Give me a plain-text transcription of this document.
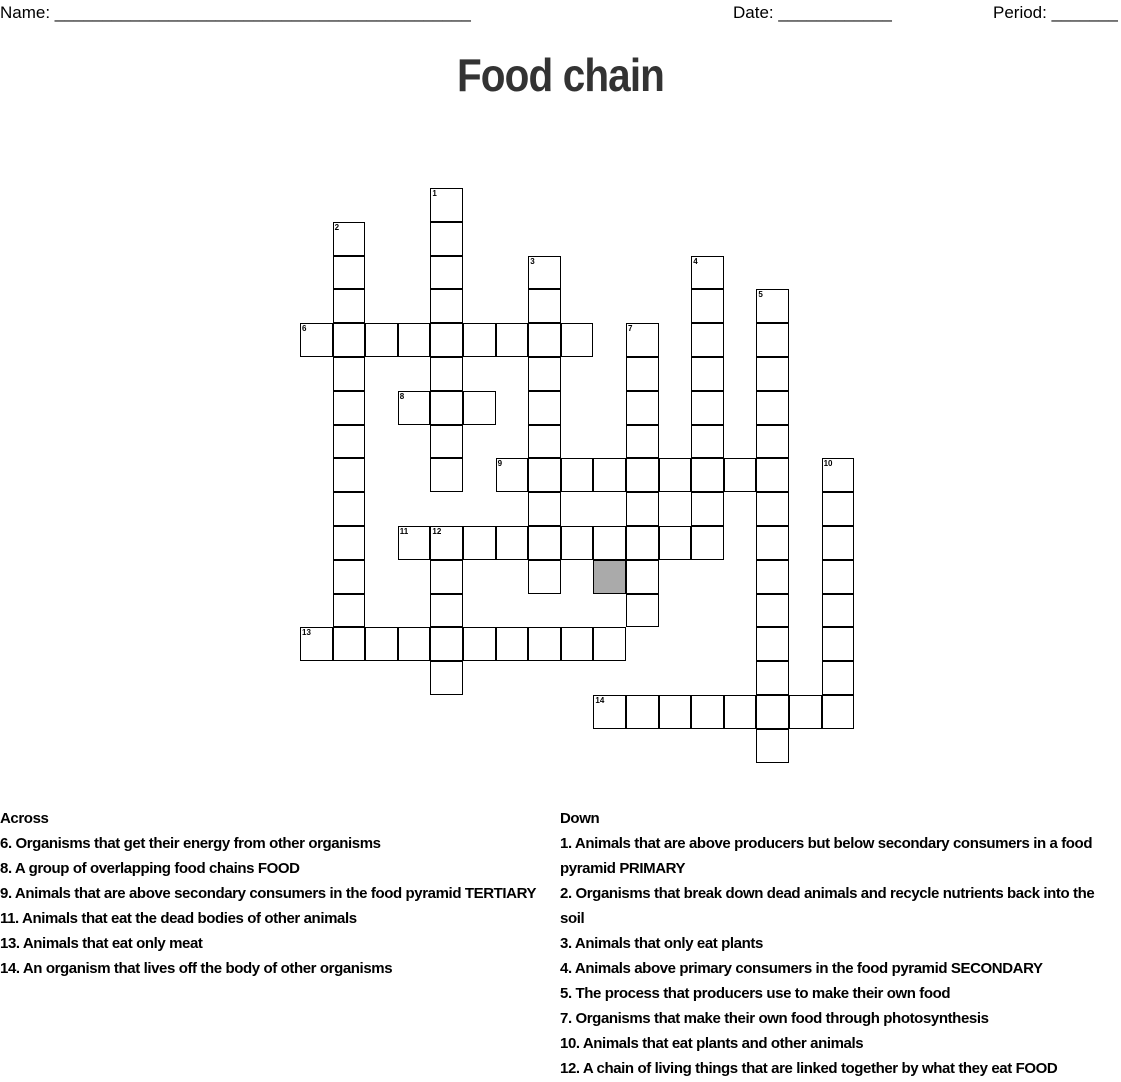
Name: ____________________________________________	Date: ____________	Period: _______
Food chain
1
2
3	4
5
6	7
8
9	10
11	12
13
14
Across
6. Organisms that get their energy from other organisms
8. A group of overlapping food chains FOOD
9. Animals that are above secondary consumers in the food pyramid TERTIARY
11. Animals that eat the dead bodies of other animals
13. Animals that eat only meat
14. An organism that lives off the body of other organisms
Down
1. Animals that are above producers but below secondary consumers in a food pyramid PRIMARY
2. Organisms that break down dead animals and recycle nutrients back into the soil
3. Animals that only eat plants
4. Animals above primary consumers in the food pyramid SECONDARY
5. The process that producers use to make their own food
7. Organisms that make their own food through photosynthesis
10. Animals that eat plants and other animals
12. A chain of living things that are linked together by what they eat FOOD
